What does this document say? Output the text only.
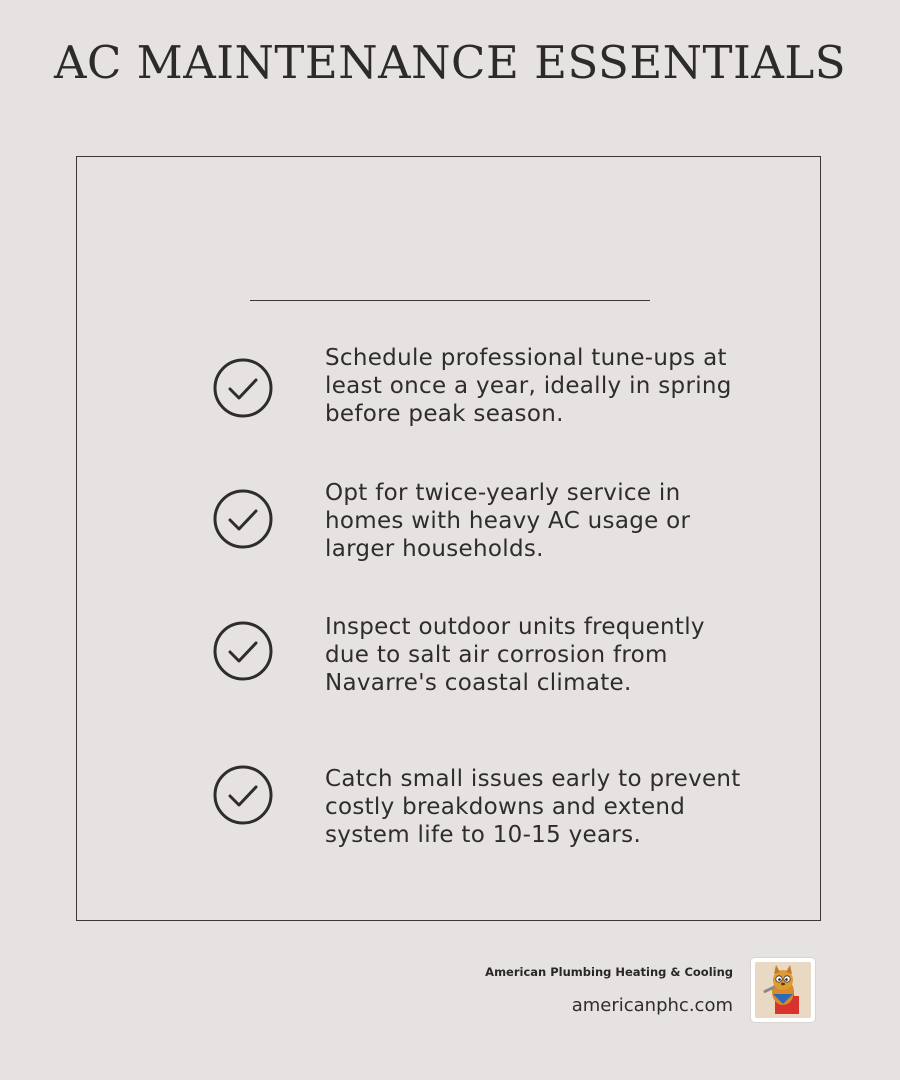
AC MAINTENANCE ESSENTIALS
Schedule professional tune-ups at least once a year, ideally in spring before peak season.
Opt for twice-yearly service in homes with heavy AC usage or larger households.
Inspect outdoor units frequently due to salt air corrosion from Navarre's coastal climate.
Catch small issues early to prevent costly breakdowns and extend system life to 10-15 years.
American Plumbing Heating & Cooling
americanphc.com
